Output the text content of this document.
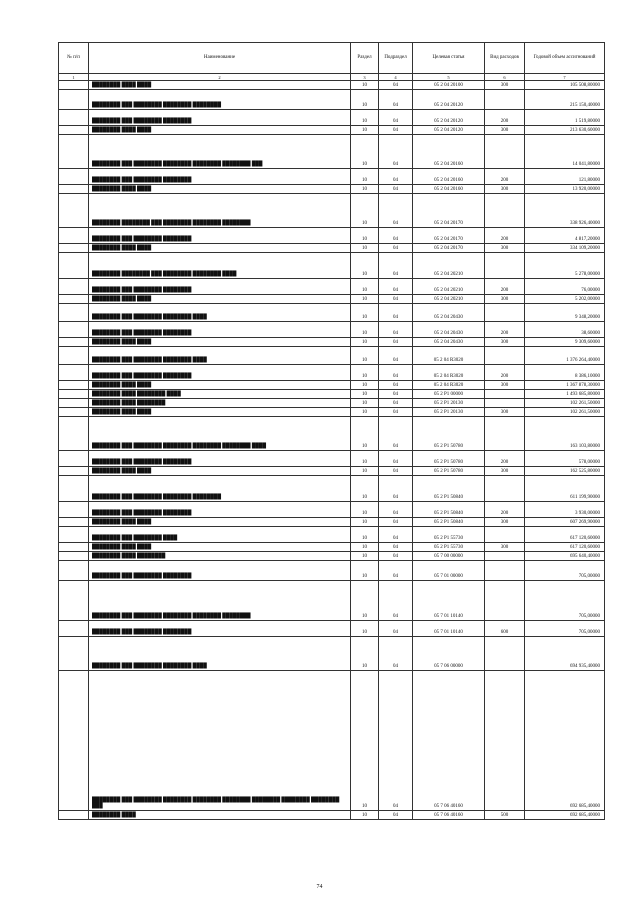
№ п/п	Наименование	Раздел	Подраздел	Целевая статья	Вид расходов	Годовой объем ассигнований
1	2	3	4	5	6	7
	████████ ████ ████	10	04	05 2 04 20100	300	105 508,80000
	████████ ███ ████████ ████████ ████████	10	04	05 2 04 20120		215 150,40000
	████████ ███ ████████ ████████	10	04	05 2 04 20120	200	1 519,80000
	████████ ████ ████	10	04	05 2 04 20120	300	213 630,60000
	████████ ███ ████████ ████████ ████████ ████████ ███	10	04	05 2 04 20160		14 041,80000
	████████ ███ ████████ ████████	10	04	05 2 04 20160	200	121,80000
	████████ ████ ████	10	04	05 2 04 20160	300	13 920,00000
	████████ ████████ ███ ████████ ████████ ████████	10	04	05 2 04 20170		338 926,40000
	████████ ███ ████████ ████████	10	04	05 2 04 20170	200	4 817,20000
	████████ ████ ████	10	04	05 2 04 20170	300	334 109,20000
	████████ ████████ ███ ████████ ████████ ████	10	04	05 2 04 20210		5 278,00000
	████████ ███ ████████ ████████	10	04	05 2 04 20210	200	76,00000
	████████ ████ ████	10	04	05 2 04 20210	300	5 202,00000
	████████ ███ ████████ ████████ ████	10	04	05 2 04 20430		9 348,20000
	████████ ███ ████████ ████████	10	04	05 2 04 20430	200	38,60000
	████████ ████ ████	10	04	05 2 04 20430	300	9 309,60000
	████████ ███ ████████ ████████ ████	10	04	05 2 04 R3020		1 376 264,40000
	████████ ███ ████████ ████████	10	04	05 2 04 R3020	200	8 386,10000
	████████ ████ ████	10	04	05 2 04 R3020	300	1 367 878,30000
	████████ ████ ████████ ████	10	04	05 2 P1 00000		1 493 685,80000
	████████ ████ ████████	10	04	05 2 P1 20130		102 261,50000
	████████ ████ ████	10	04	05 2 P1 20130	300	102 261,50000
	████████ ███ ████████ ████████ ████████ ████████ ████	10	04	05 2 P1 50780		163 103,80000
	████████ ███ ████████ ████████	10	04	05 2 P1 50780	200	578,00000
	████████ ████ ████	10	04	05 2 P1 50780	300	162 525,80000
	████████ ███ ████████ ████████ ████████	10	04	05 2 P1 50840		611 199,90000
	████████ ███ ████████ ████████	10	04	05 2 P1 50840	200	3 930,00000
	████████ ████ ████	10	04	05 2 P1 50840	300	607 269,90000
	████████ ███ ████████ ████	10	04	05 2 P1 55730		617 120,60000
	████████ ████ ████	10	04	05 2 P1 55730	300	617 120,60000
	████████ ████ ████████	10	04	05 7 00 00000		695 640,40000
	████████ ███ ████████ ████████	10	04	05 7 01 00000		705,00000
	████████ ███ ████████ ████████ ████████ ████████	10	04	05 7 01 10140		705,00000
	████████ ███ ████████ ████████	10	04	05 7 01 10140	600	705,00000
	████████ ███ ████████ ████████ ████	10	04	05 7 06 00000		694 935,40000
	████████ ███ ████████ ████████ ████████ ████████ ████████ ████████ ████████ ███	10	04	05 7 06 40160		692 685,40000
	████████ ████	10	04	05 7 06 40160	500	692 685,40000
74
